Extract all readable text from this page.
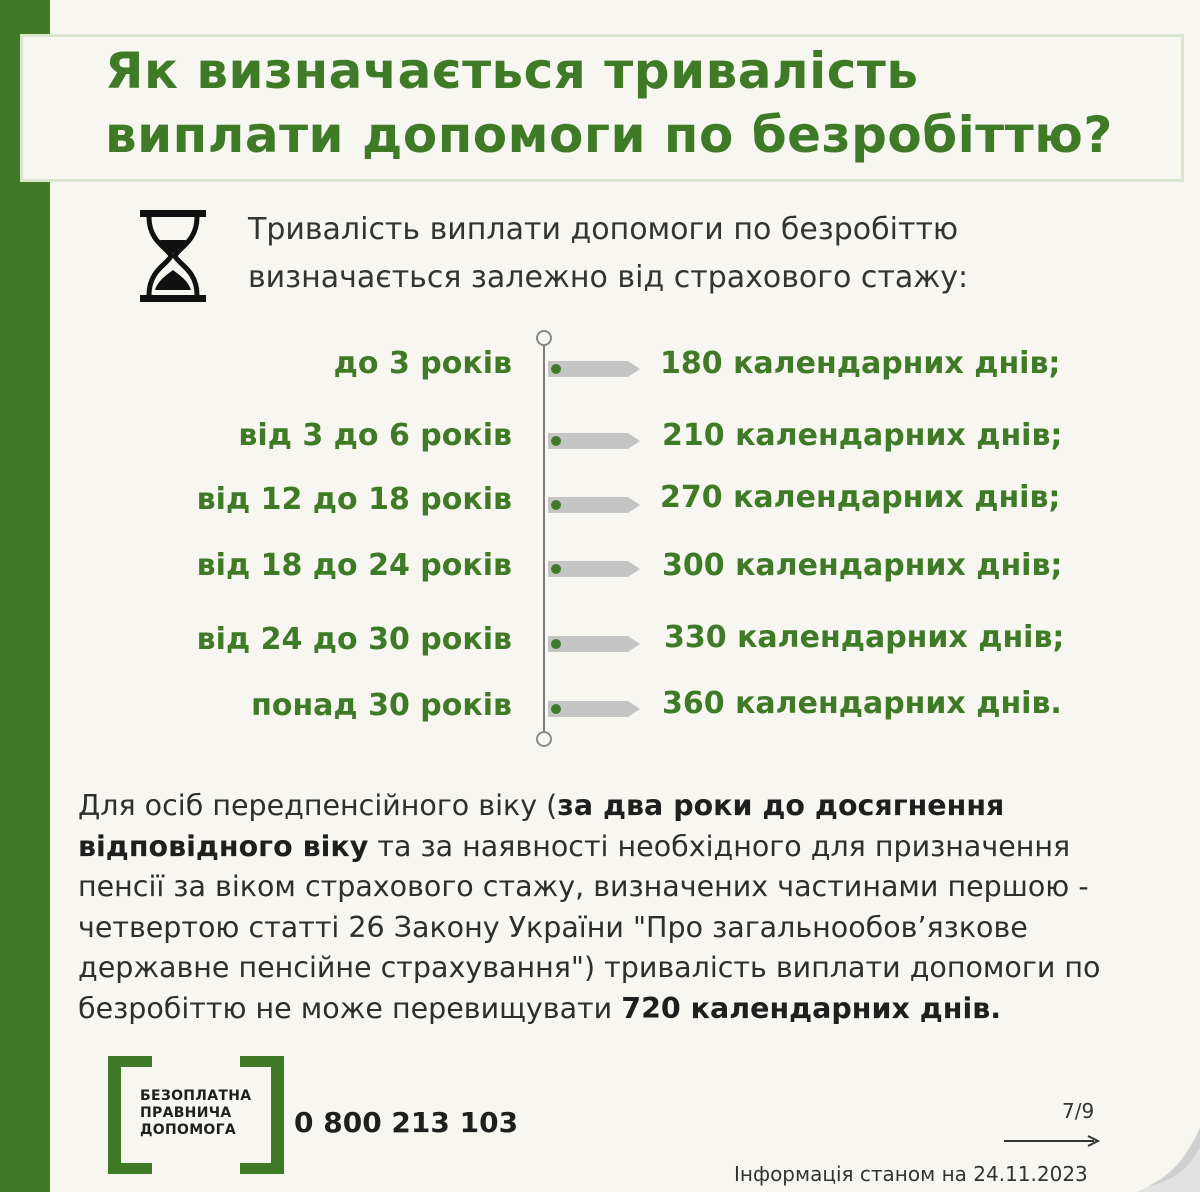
Як визначається тривалість
виплати допомоги по безробіттю?
Тривалість виплати допомоги по безробіттю
визначається залежно від страхового стажу:
до 3 років	180 календарних днів;
від 3 до 6 років	210 календарних днів;
від 12 до 18 років	270 календарних днів;
від 18 до 24 років	300 календарних днів;
від 24 до 30 років	330 календарних днів;
понад 30 років	360 календарних днів.
Для осіб передпенсійного віку (за два роки до досягнення відповідного віку та за наявності необхідного для призначення пенсії за віком страхового стажу, визначених частинами першою - четвертою статті 26 Закону України "Про загальнообов’язкове державне пенсійне страхування") тривалість виплати допомоги по безробіттю не може перевищувати 720 календарних днів.
БЕЗОПЛАТНА
ПРАВНИЧА
ДОПОМОГА	0 800 213 103	7/9
Інформація станом на 24.11.2023
